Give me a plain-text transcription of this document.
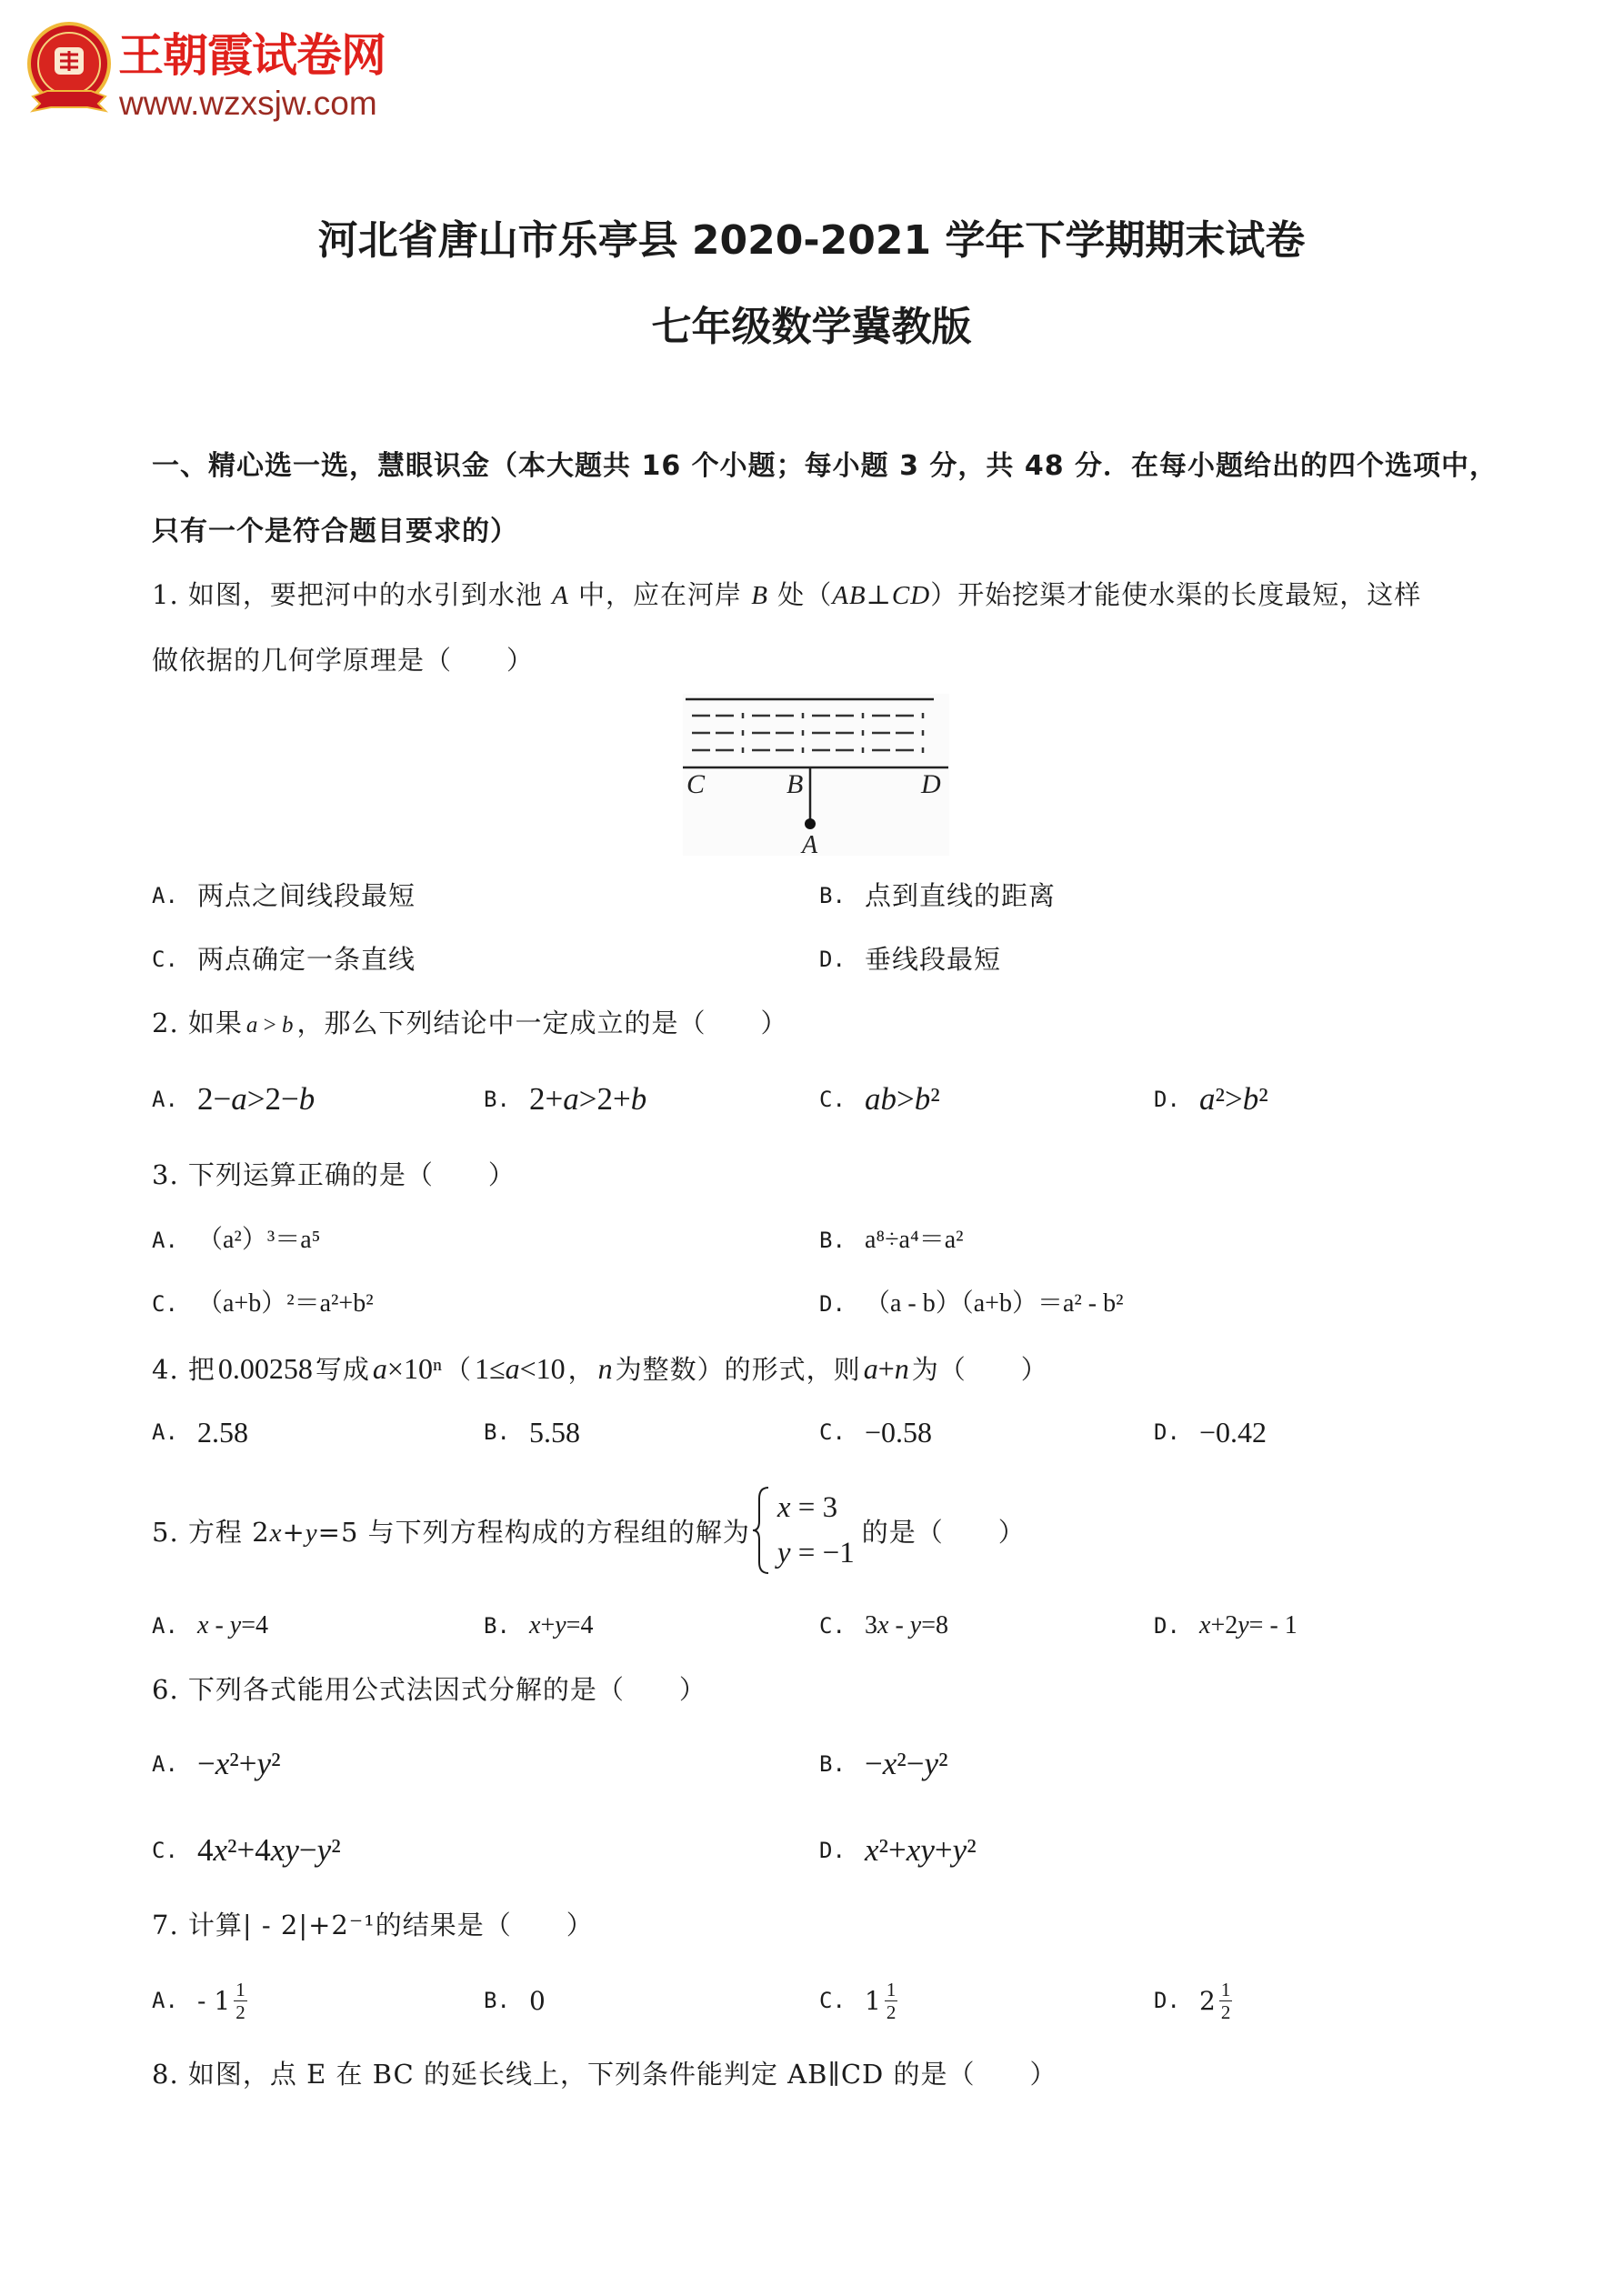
王朝霞试卷网
www.wzxsjw.com
河北省唐山市乐亭县 2020-2021 学年下学期期末试卷
七年级数学冀教版
一、精心选一选，慧眼识金（本大题共 16 个小题；每小题 3 分，共 48 分．在每小题给出的四个选项中，
只有一个是符合题目要求的）
1. 如图，要把河中的水引到水池 A 中，应在河岸 B 处（AB⊥CD）开始挖渠才能使水渠的长度最短，这样
做依据的几何学原理是（　　）
C	B	D
A
A. 两点之间线段最短	B. 点到直线的距离
C. 两点确定一条直线	D. 垂线段最短
2. 如果 a > b ，那么下列结论中一定成立的是（　　）
A. 2−a>2−b	B. 2+a>2+b	C. ab>b²	D. a²>b²
3. 下列运算正确的是（　　）
A. （a²）³＝a⁵	B. a⁸÷a⁴＝a²
C. （a+b）²＝a²+b²	D. （a - b）（a+b）＝a² - b²
4. 把0.00258 写成a×10ⁿ （1≤a<10 ，n 为整数）的形式，则a+n 为（　　）
A. 2.58	B. 5.58	C. −0.58	D. −0.42
5. 方程 2x+y=5 与下列方程构成的方程组的解为
x = 3
y = −1
的是（　　）
A. x - y=4	B. x+y=4	C. 3x - y=8	D. x+2y= - 1
6. 下列各式能用公式法因式分解的是（　　）
A. −x²+y²	B. −x²−y²
C. 4x²+4xy−y²	D. x²+xy+y²
7. 计算| - 2|+2⁻¹的结果是（　　）
A. - $1 \frac{1}{2}$	B. 0	C. $1 \frac{1}{2}$	D. $2 \frac{1}{2}$
8. 如图，点 E 在 BC 的延长线上，下列条件能判定 AB∥CD 的是（　　）
